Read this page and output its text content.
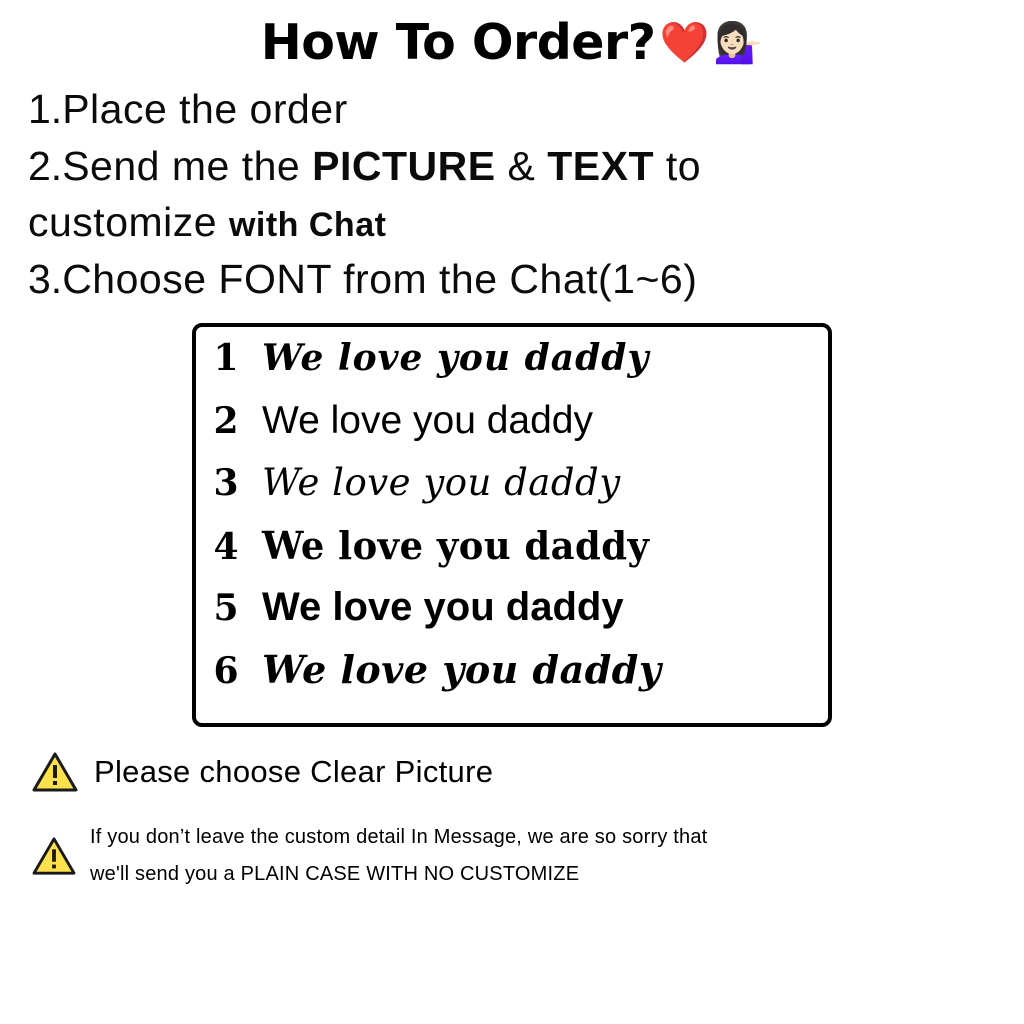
How To Order? ❤️ 💁🏻‍♀️
1.Place the order
2.Send me the PICTURE & TEXT to
customize with Chat
3.Choose FONT from the Chat(1~6)
1 We love you daddy
2 We love you daddy
3 We love you daddy
4 We love you daddy
5 We love you daddy
6 We love you daddy
Please choose Clear Picture
If you don’t leave the custom detail In Message, we are so sorry that
we'll send you a PLAIN CASE WITH NO CUSTOMIZE
